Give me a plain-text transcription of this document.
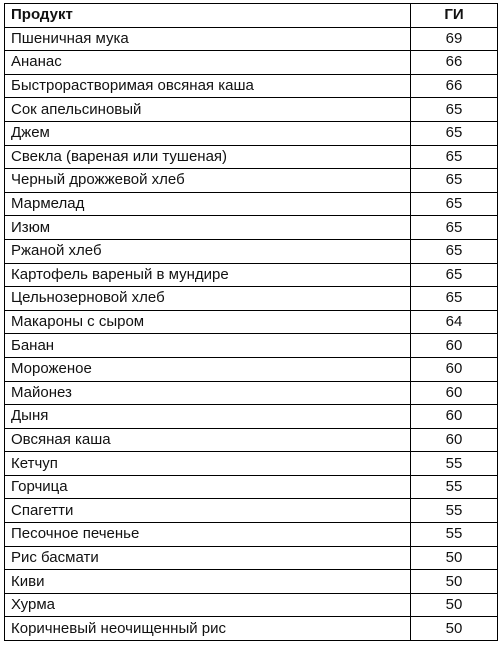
Продукт	ГИ
Пшеничная мука	69
Ананас	66
Быстрорастворимая овсяная каша	66
Сок апельсиновый	65
Джем	65
Свекла (вареная или тушеная)	65
Черный дрожжевой хлеб	65
Мармелад	65
Изюм	65
Ржаной хлеб	65
Картофель вареный в мундире	65
Цельнозерновой хлеб	65
Макароны с сыром	64
Банан	60
Мороженое	60
Майонез	60
Дыня	60
Овсяная каша	60
Кетчуп	55
Горчица	55
Спагетти	55
Песочное печенье	55
Рис басмати	50
Киви	50
Хурма	50
Коричневый неочищенный рис	50
